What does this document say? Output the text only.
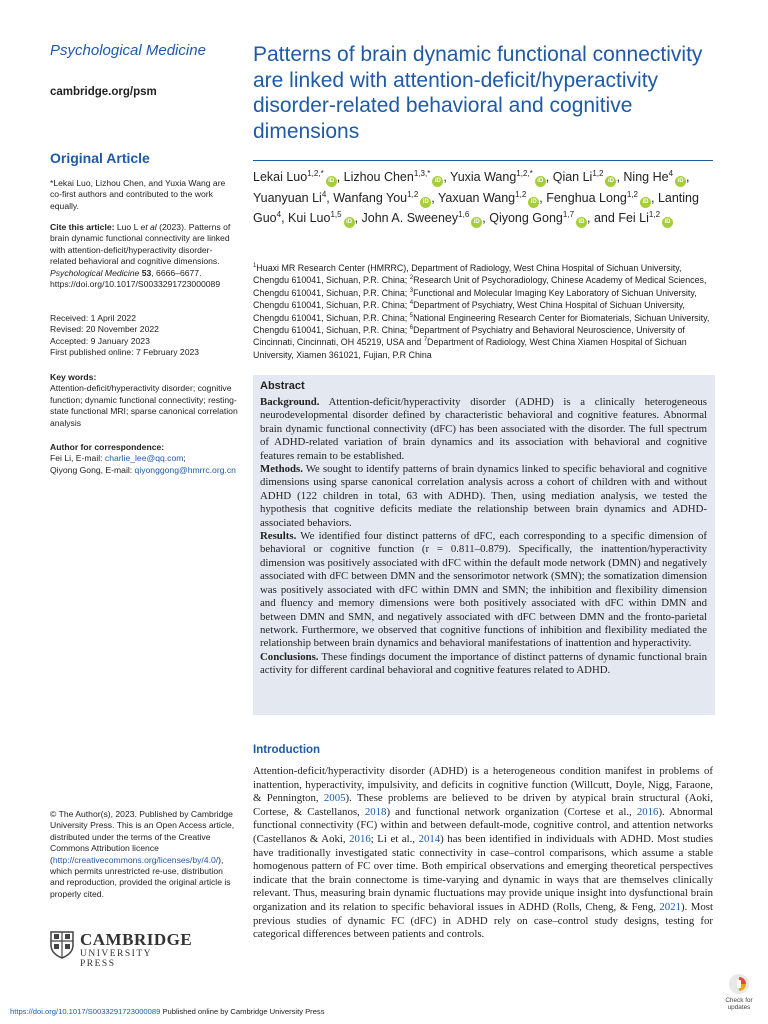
Psychological Medicine
cambridge.org/psm
Original Article

*Lekai Luo, Lizhou Chen, and Yuxia Wang are co-first authors and contributed to the work equally.

Cite this article: Luo L et al (2023). Patterns of brain dynamic functional connectivity are linked with attention-deficit/hyperactivity disorder-related behavioral and cognitive dimensions. Psychological Medicine 53, 6666–6677. https://doi.org/10.1017/S0033291723000089

Received: 1 April 2022

Revised: 20 November 2022

Accepted: 9 January 2023

First published online: 7 February 2023

Key words:

Attention-deficit/hyperactivity disorder; cognitive function; dynamic functional connectivity; resting-state functional MRI; sparse canonical correlation analysis

Author for correspondence:

Fei Li, E-mail: charlie_lee@qq.com;

Qiyong Gong, E-mail: qiyonggong@hmrrc.org.cn

© The Author(s), 2023. Published by Cambridge University Press. This is an Open Access article, distributed under the terms of the Creative Commons Attribution licence (http://creativecommons.org/licenses/by/4.0/), which permits unrestricted re-use, distribution and reproduction, provided the original article is properly cited.

Patterns of brain dynamic functional connectivity are linked with attention-deficit/hyperactivity disorder-related behavioral and cognitive dimensions
Lekai Luo$^{1,2,*}$iD , Lizhou Chen$^{1,3,*}$iD , Yuxia Wang$^{1,2,*}$iD , Qian Li$^{1,2}$iD , Ning He$^4$iD , Yuanyuan Li$^4$, Wanfang You$^{1,2}$iD , Yaxuan Wang$^{1,2}$iD , Fenghua Long$^{1,2}$iD , Lanting Guo$^4$, Kui Luo$^{1,5}$iD , John A. Sweeney$^{1,6}$iD , Qiyong Gong$^{1,7}$iD , and Fei Li$^{1,2}$iD
$^1$Huaxi MR Research Center (HMRRC), Department of Radiology, West China Hospital of Sichuan University, Chengdu 610041, Sichuan, P.R. China; $^2$Research Unit of Psychoradiology, Chinese Academy of Medical Sciences, Chengdu 610041, Sichuan, P.R. China; $^3$Functional and Molecular Imaging Key Laboratory of Sichuan University, Chengdu 610041, Sichuan, P.R. China; $^4$Department of Psychiatry, West China Hospital of Sichuan University, Chengdu 610041, Sichuan, P.R. China; $^5$National Engineering Research Center for Biomaterials, Sichuan University, Chengdu 610041, Sichuan, P.R. China; $^6$Department of Psychiatry and Behavioral Neuroscience, University of Cincinnati, Cincinnati, OH 45219, USA and $^7$Department of Radiology, West China Xiamen Hospital of Sichuan University, Xiamen 361021, Fujian, P.R China
Abstract

Background. Attention-deficit/hyperactivity disorder (ADHD) is a clinically heterogeneous neurodevelopmental disorder defined by characteristic behavioral and cognitive features. Abnormal brain dynamic functional connectivity (dFC) has been associated with the disorder. The full spectrum of ADHD-related variation of brain dynamics and its association with behavioral and cognitive features remain to be established.

Methods. We sought to identify patterns of brain dynamics linked to specific behavioral and cognitive dimensions using sparse canonical correlation analysis across a cohort of children with and without ADHD (122 children in total, 63 with ADHD). Then, using mediation analysis, we tested the hypothesis that cognitive deficits mediate the relationship between brain dynamics and ADHD-associated behaviors.

Results. We identified four distinct patterns of dFC, each corresponding to a specific dimension of behavioral or cognitive function (r = 0.811–0.879). Specifically, the inattention/hyperactivity dimension was positively associated with dFC within the default mode network (DMN) and negatively associated with dFC between DMN and the sensorimotor network (SMN); the somatization dimension was positively associated with dFC within DMN and SMN; the inhibition and flexibility dimension and fluency and memory dimensions were both positively associated with dFC within DMN and between DMN and SMN, and negatively associated with dFC between DMN and the fronto-parietal network. Furthermore, we observed that cognitive functions of inhibition and flexibility mediated the relationship between brain dynamics and behavioral manifestations of inattention and hyperactivity.

Conclusions. These findings document the importance of distinct patterns of dynamic functional brain activity for different cardinal behavioral and cognitive features related to ADHD.

Introduction
Attention-deficit/hyperactivity disorder (ADHD) is a heterogeneous condition manifest in problems of inattention, hyperactivity, impulsivity, and deficits in cognitive function (Willcutt, Doyle, Nigg, Faraone, & Pennington, 2005). These problems are believed to be driven by atypical brain structural (Aoki, Cortese, & Castellanos, 2018) and functional network organization (Cortese et al., 2016). Abnormal functional connectivity (FC) within and between default-mode, cognitive control, and attention networks (Castellanos & Aoki, 2016; Li et al., 2014) has been identified in individuals with ADHD. Most studies have traditionally investigated static connectivity in case–control comparisons, which assume a stable homogenous pattern of FC over time. Both empirical observations and emerging theoretical perspectives indicate that the brain connectome is time-varying and dynamic in ways that are themselves clinically relevant. Thus, measuring brain dynamic fluctuations may provide unique insight into dysfunctional brain organization and its relation to specific behavioral issues in ADHD (Rolls, Cheng, & Feng, 2021). Most previous studies of dynamic FC (dFC) in ADHD rely on case–control study designs, testing for categorical differences between patients and controls.
CAMBRIDGE
UNIVERSITY PRESS
https://doi.org/10.1017/S0033291723000089 Published online by Cambridge University Press
Check for
updates
